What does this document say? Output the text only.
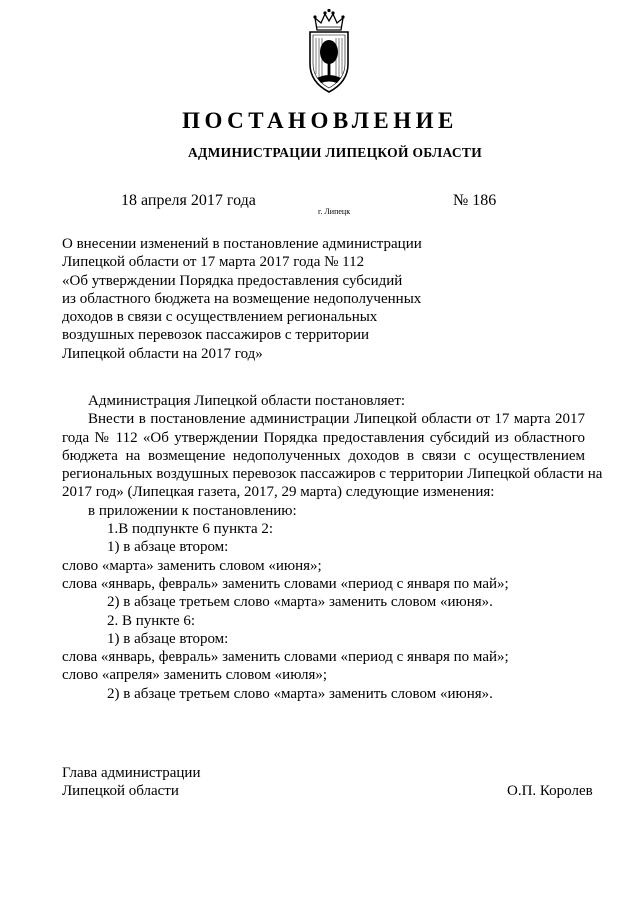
ПОСТАНОВЛЕНИЕ
АДМИНИСТРАЦИИ ЛИПЕЦКОЙ ОБЛАСТИ
18 апреля 2017 года
г. Липецк
№ 186
О внесении изменений в постановление администрации
Липецкой области от 17 марта 2017 года № 112
«Об утверждении Порядка предоставления субсидий
из областного бюджета на возмещение недополученных
доходов в связи с осуществлением региональных
воздушных перевозок пассажиров с территории
Липецкой области на 2017 год»
Администрация Липецкой области постановляет:
Внести в постановление администрации Липецкой области от 17 марта 2017
года № 112 «Об утверждении Порядка предоставления субсидий из областного
бюджета на возмещение недополученных доходов в связи с осуществлением
региональных воздушных перевозок пассажиров с территории Липецкой области на
2017 год» (Липецкая газета, 2017, 29 марта) следующие изменения:
в приложении к постановлению:
1.В подпункте 6 пункта 2:
1) в абзаце втором:
слово «марта» заменить словом «июня»;
слова «январь, февраль» заменить словами «период с января по май»;
2) в абзаце третьем слово «марта» заменить словом «июня».
2. В пункте 6:
1) в абзаце втором:
слова «январь, февраль» заменить словами «период с января по май»;
слово «апреля» заменить словом «июля»;
2) в абзаце третьем слово «марта» заменить словом «июня».
Глава администрации
Липецкой области	О.П. Королев
